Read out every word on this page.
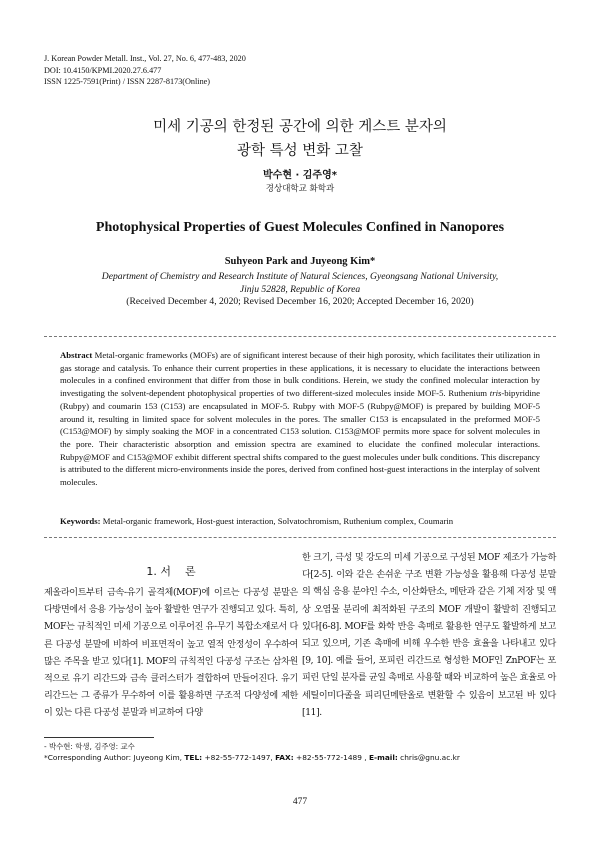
J. Korean Powder Metall. Inst., Vol. 27, No. 6, 477-483, 2020
DOI: 10.4150/KPMI.2020.27.6.477
ISSN 1225-7591(Print) / ISSN 2287-8173(Online)
미세 기공의 한정된 공간에 의한 게스트 분자의
광학 특성 변화 고찰
박수현 · 김주영*
경상대학교 화학과
Photophysical Properties of Guest Molecules Confined in Nanopores
Suhyeon Park and Juyeong Kim*
Department of Chemistry and Research Institute of Natural Sciences, Gyeongsang National University,
Jinju 52828, Republic of Korea
(Received December 4, 2020; Revised December 16, 2020; Accepted December 16, 2020)
Abstract Metal-organic frameworks (MOFs) are of significant interest because of their high porosity, which facilitates their utilization in gas storage and catalysis. To enhance their current properties in these applications, it is necessary to elucidate the interactions between molecules in a confined environment that differ from those in bulk conditions. Herein, we study the confined molecular interaction by investigating the solvent-dependent photophysical properties of two different-sized molecules inside MOF-5. Ruthenium tris-bipyridine (Rubpy) and coumarin 153 (C153) are encapsulated in MOF-5. Rubpy with MOF-5 (Rubpy@MOF) is prepared by building MOF-5 around it, resulting in limited space for solvent molecules in the pores. The smaller C153 is encapsulated in the preformed MOF-5 (C153@MOF) by simply soaking the MOF in a concentrated C153 solution. C153@MOF permits more space for solvent molecules in the pore. Their characteristic absorption and emission spectra are examined to elucidate the confined molecular interactions. Rubpy@MOF and C153@MOF exhibit different spectral shifts compared to the guest molecules under bulk conditions. This discrepancy is attributed to the different micro-environments inside the pores, derived from confined host-guest interactions in the interplay of solvent molecules.
Keywords: Metal-organic framework, Host-guest interaction, Solvatochromism, Ruthenium complex, Coumarin
1. 서    론
제올라이트부터 금속-유기 골격체(MOF)에 이르는 다공성 분말은 다방면에서 응용 가능성이 높아 활발한 연구가 진행되고 있다. 특히, MOF는 규칙적인 미세 기공으로 이루어진 유-무기 복합소재로서 다른 다공성 분말에 비하여 비표면적이 높고 열적 안정성이 우수하여 많은 주목을 받고 있다[1]. MOF의 규칙적인 다공성 구조는 삼차원적으로 유기 리간드와 금속 클러스터가 결합하여 만들어진다. 유기 리간드는 그 종류가 무수하여 이를 활용하면 구조적 다양성에 제한이 있는 다른 다공성 분말과 비교하여 다양
한 크기, 극성 및 강도의 미세 기공으로 구성된 MOF 제조가 가능하다[2-5]. 이와 같은 손쉬운 구조 변환 가능성을 활용해 다공성 분말의 핵심 응용 분야인 수소, 이산화탄소, 메탄과 같은 기체 저장 및 액상 오염물 분리에 최적화된 구조의 MOF 개발이 활발히 진행되고 있다[6-8]. MOF를 화학 반응 촉매로 활용한 연구도 활발하게 보고되고 있으며, 기존 촉매에 비해 우수한 반응 효율을 나타내고 있다[9, 10]. 예를 들어, 포피린 리간드로 형성한 MOF인 ZnPOF는 포피린 단일 분자를 균일 촉매로 사용할 때와 비교하여 높은 효율로 아세틸이미다졸을 피리딘메탄올로 변환할 수 있음이 보고된 바 있다[11].
- 박수현: 학생, 김주영: 교수
*Corresponding Author: Juyeong Kim, TEL: +82-55-772-1497, FAX: +82-55-772-1489 , E-mail: chris@gnu.ac.kr
477
